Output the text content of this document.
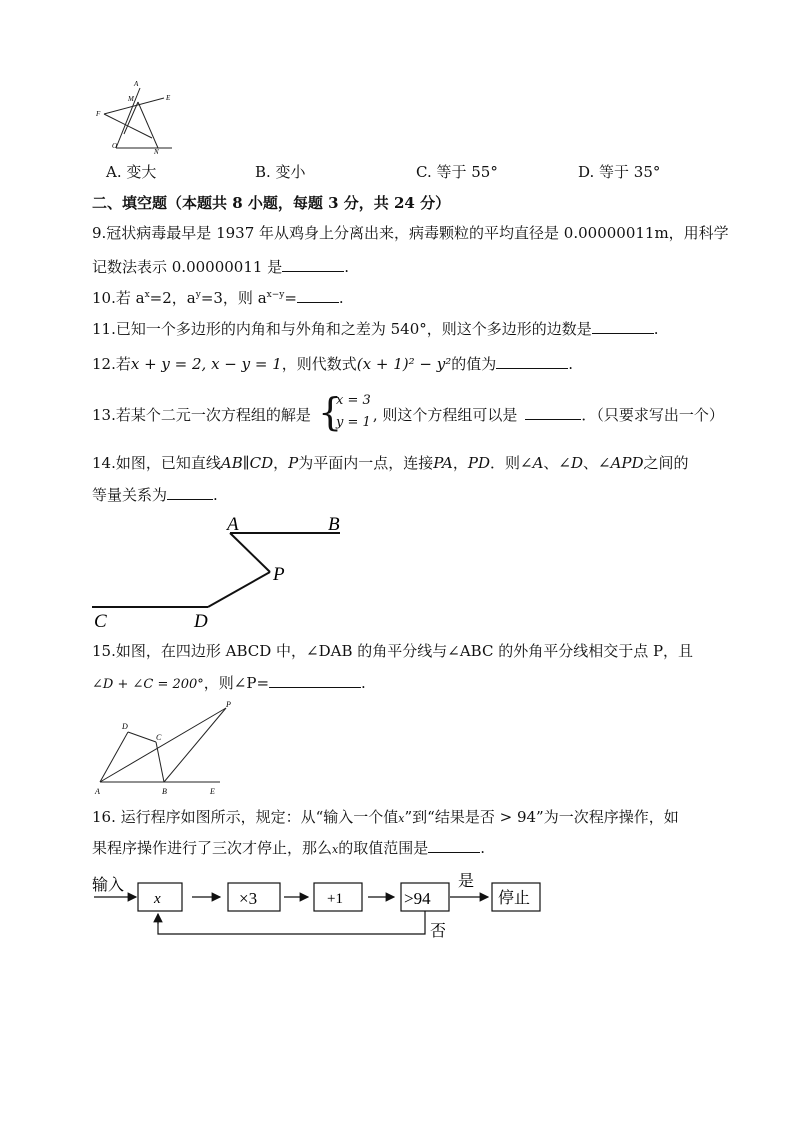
A
M	E
F
O
N
A. 变大	B. 变小	C. 等于 55°	D. 等于 35°
二、填空题（本题共 8 小题，每题 3 分，共 24 分）
9.冠状病毒最早是 1937 年从鸡身上分离出来，病毒颗粒的平均直径是 0.00000011m，用科学
记数法表示 0.00000011 是	.
10.若 $a^x=2$，$a^y=3$，则 $a^{x-y}=$	.
11.已知一个多边形的内角和与外角和之差为 540°，则这个多边形的边数是	.
12.若x + y = 2, x − y = 1，则代数式(x + 1)² − y²的值为	.
13.若某个二元一次方程组的解是	, 则这个方程组可以是	．（只要求写出一个）
{
x = 3
y = 1
14.如图，已知直线AB∥CD，P为平面内一点，连接PA，PD．则∠A、∠D、∠APD之间的
等量关系为	.
A	B
P
C	D
15.如图，在四边形 ABCD 中，∠DAB 的角平分线与∠ABC 的外角平分线相交于点 P，且
∠D + ∠C = 200°，则∠P=	.
P
D
C
A	B	E
16. 运行程序如图所示，规定：从“输入一个值x”到“结果是否 > 94”为一次程序操作，如
果程序操作进行了三次才停止，那么x的取值范围是	.
输入
x	×3	+1	>94
是
停止
否
